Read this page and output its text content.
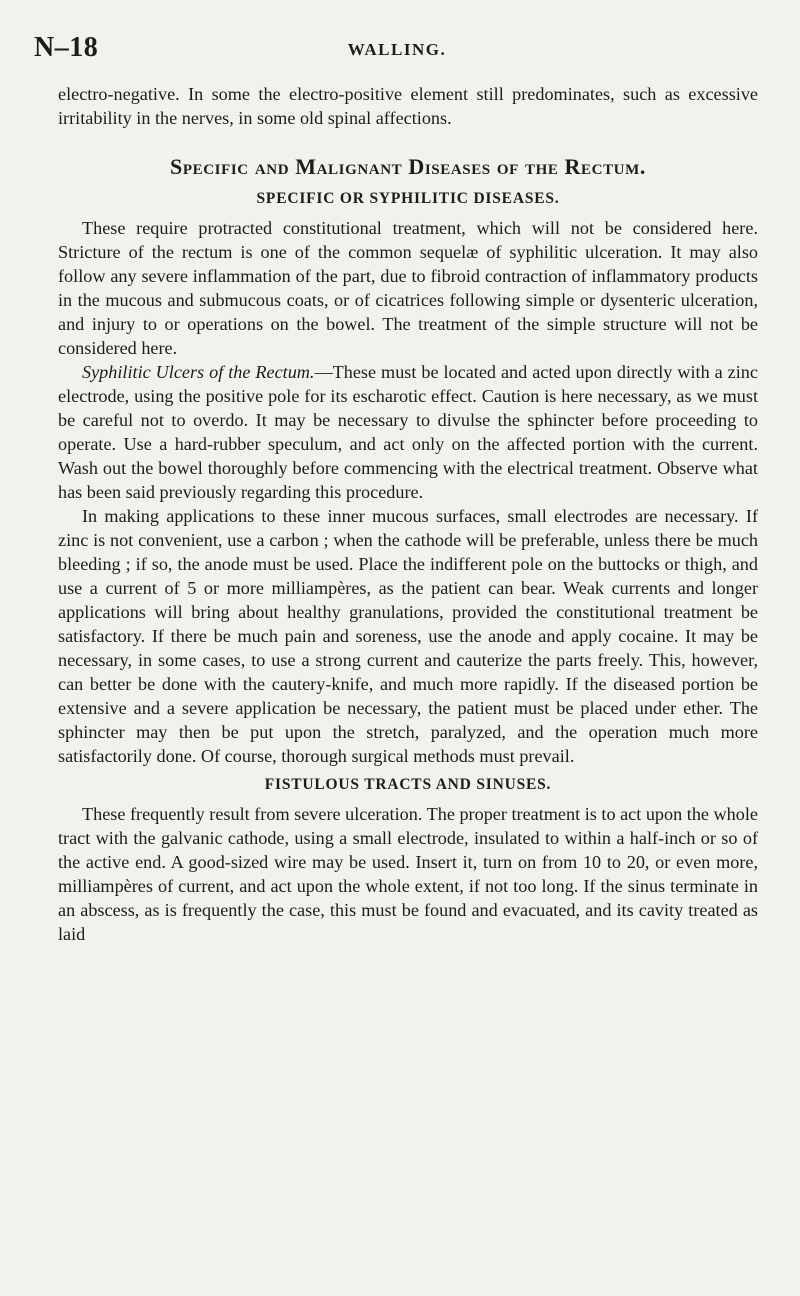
N–18	WALLING.

electro-negative. In some the electro-positive element still predominates, such as excessive irritability in the nerves, in some old spinal affections.

Specific and Malignant Diseases of the Rectum.
SPECIFIC OR SYPHILITIC DISEASES.

These require protracted constitutional treatment, which will not be considered here. Stricture of the rectum is one of the common sequelæ of syphilitic ulceration. It may also follow any severe inflammation of the part, due to fibroid contraction of inflammatory products in the mucous and submucous coats, or of cicatrices following simple or dysenteric ulceration, and injury to or operations on the bowel. The treatment of the simple structure will not be considered here.

Syphilitic Ulcers of the Rectum.—These must be located and acted upon directly with a zinc electrode, using the positive pole for its escharotic effect. Caution is here necessary, as we must be careful not to overdo. It may be necessary to divulse the sphincter before proceeding to operate. Use a hard-rubber speculum, and act only on the affected portion with the current. Wash out the bowel thoroughly before commencing with the electrical treatment. Observe what has been said previously regarding this procedure.

In making applications to these inner mucous surfaces, small electrodes are necessary. If zinc is not convenient, use a carbon ; when the cathode will be preferable, unless there be much bleeding ; if so, the anode must be used. Place the indifferent pole on the buttocks or thigh, and use a current of 5 or more milliampères, as the patient can bear. Weak currents and longer applications will bring about healthy granulations, provided the constitutional treatment be satisfactory. If there be much pain and soreness, use the anode and apply cocaine. It may be necessary, in some cases, to use a strong current and cauterize the parts freely. This, however, can better be done with the cautery-knife, and much more rapidly. If the diseased portion be extensive and a severe application be necessary, the patient must be placed under ether. The sphincter may then be put upon the stretch, paralyzed, and the operation much more satisfactorily done. Of course, thorough surgical methods must prevail.

FISTULOUS TRACTS AND SINUSES.

These frequently result from severe ulceration. The proper treatment is to act upon the whole tract with the galvanic cathode, using a small electrode, insulated to within a half-inch or so of the active end. A good-sized wire may be used. Insert it, turn on from 10 to 20, or even more, milliampères of current, and act upon the whole extent, if not too long. If the sinus terminate in an abscess, as is frequently the case, this must be found and evacuated, and its cavity treated as laid
